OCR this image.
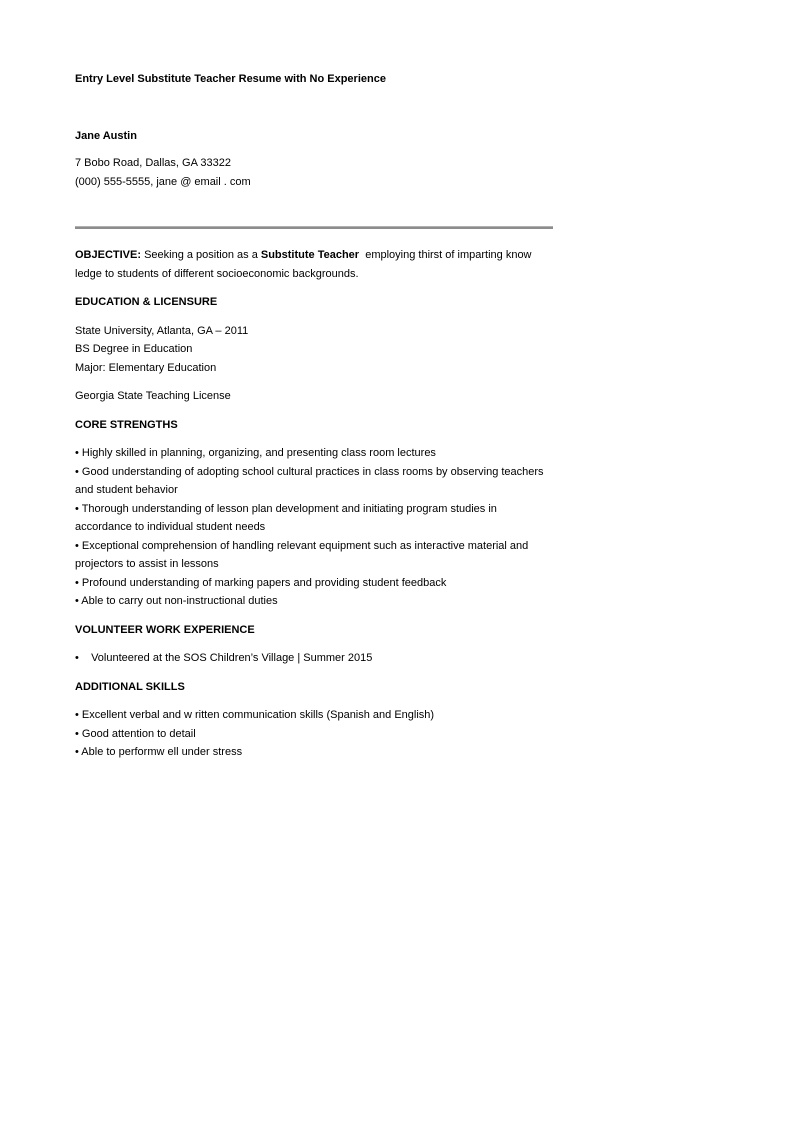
Entry Level Substitute Teacher Resume with No Experience

Jane Austin

7 Bobo Road, Dallas, GA 33322

(000) 555-5555, jane @ email . com

OBJECTIVE: Seeking a position as a Substitute Teacher  employing thirst of imparting know ledge to students of different socioeconomic backgrounds.

EDUCATION & LICENSURE

State University, Atlanta, GA – 2011

BS Degree in Education

Major: Elementary Education

Georgia State Teaching License

CORE STRENGTHS

• Highly skilled in planning, organizing, and presenting class room lectures

• Good understanding of adopting school cultural practices in class rooms by observing teachers and student behavior

• Thorough understanding of lesson plan development and initiating program studies in accordance to individual student needs

• Exceptional comprehension of handling relevant equipment such as interactive material and projectors to assist in lessons

• Profound understanding of marking papers and providing student feedback

• Able to carry out non-instructional duties

VOLUNTEER WORK EXPERIENCE

•    Volunteered at the SOS Children’s Village | Summer 2015

ADDITIONAL SKILLS

• Excellent verbal and w ritten communication skills (Spanish and English)

• Good attention to detail

• Able to performw ell under stress
